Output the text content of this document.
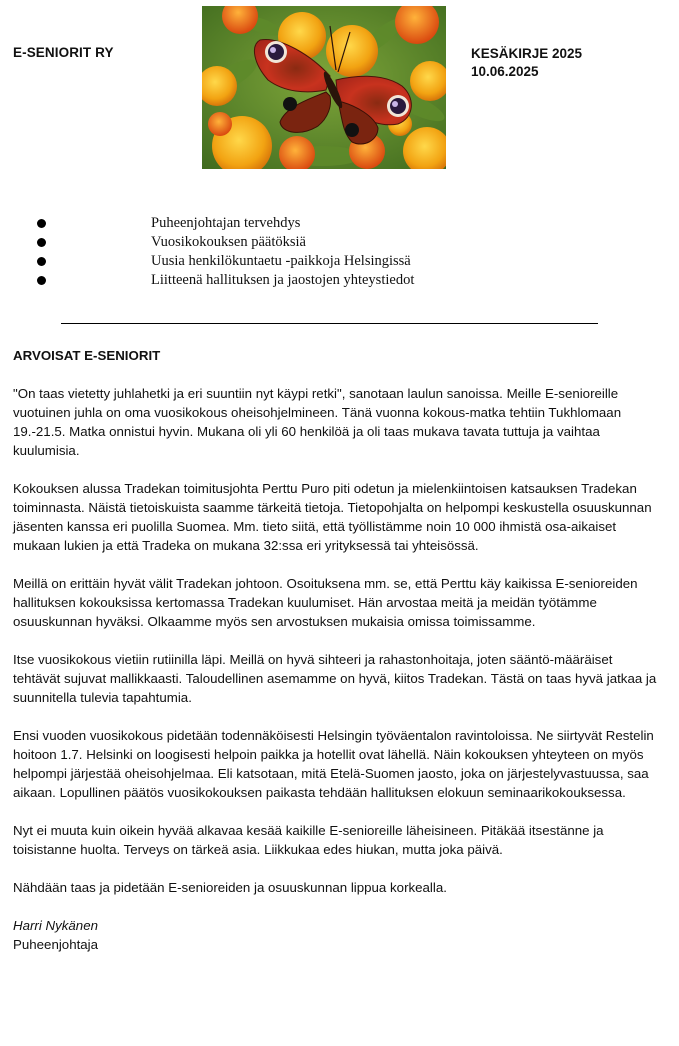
E-SENIORIT RY	KESÄKIRJE 2025
10.06.2025
Puheenjohtajan tervehdys
Vuosikokouksen päätöksiä
Uusia henkilökuntaetu -paikkoja Helsingissä
Liitteenä hallituksen ja jaostojen yhteystiedot
ARVOISAT E-SENIORIT

"On taas vietetty juhlahetki ja eri suuntiin nyt käypi retki", sanotaan laulun sanoissa. Meille E-senioreille vuotuinen juhla on oma vuosikokous oheisohjelmineen. Tänä vuonna kokous-matka tehtiin Tukhlomaan 19.-21.5. Matka onnistui hyvin. Mukana oli yli 60 henkilöä ja oli taas mukava tavata tuttuja ja vaihtaa kuulumisia.

Kokouksen alussa Tradekan toimitusjohta Perttu Puro piti odetun ja mielenkiintoisen katsauksen Tradekan toiminnasta. Näistä tietoiskuista saamme tärkeitä tietoja. Tietopohjalta on helpompi keskustella osuuskunnan jäsenten kanssa eri puolilla Suomea. Mm. tieto siitä, että työllistämme noin 10 000 ihmistä osa-aikaiset mukaan lukien ja että Tradeka on mukana 32:ssa eri yrityksessä tai yhteisössä.

Meillä on erittäin hyvät välit Tradekan johtoon. Osoituksena mm. se, että Perttu käy kaikissa E-senioreiden hallituksen kokouksissa kertomassa Tradekan kuulumiset. Hän arvostaa meitä ja meidän työtämme osuuskunnan hyväksi. Olkaamme myös sen arvostuksen mukaisia omissa toimissamme.

Itse vuosikokous vietiin rutiinilla läpi. Meillä on hyvä sihteeri ja rahastonhoitaja, joten sääntö-määräiset tehtävät sujuvat mallikkaasti. Taloudellinen asemamme on hyvä, kiitos Tradekan. Tästä on taas hyvä jatkaa ja suunnitella tulevia tapahtumia.

Ensi vuoden vuosikokous pidetään todennäköisesti Helsingin työväentalon ravintoloissa. Ne siirtyvät Restelin hoitoon 1.7. Helsinki on loogisesti helpoin paikka ja hotellit ovat lähellä. Näin kokouksen yhteyteen on myös helpompi järjestää oheisohjelmaa. Eli katsotaan, mitä Etelä-Suomen jaosto, joka on järjestelyvastuussa, saa aikaan. Lopullinen päätös vuosikokouksen paikasta tehdään hallituksen elokuun seminaarikokouksessa.

Nyt ei muuta kuin oikein hyvää alkavaa kesää kaikille E-senioreille läheisineen. Pitäkää itsestänne ja toisistanne huolta. Terveys on tärkeä asia. Liikkukaa edes hiukan, mutta joka päivä.

Nähdään taas ja pidetään E-senioreiden ja osuuskunnan lippua korkealla.

Harri Nykänen
Puheenjohtaja
